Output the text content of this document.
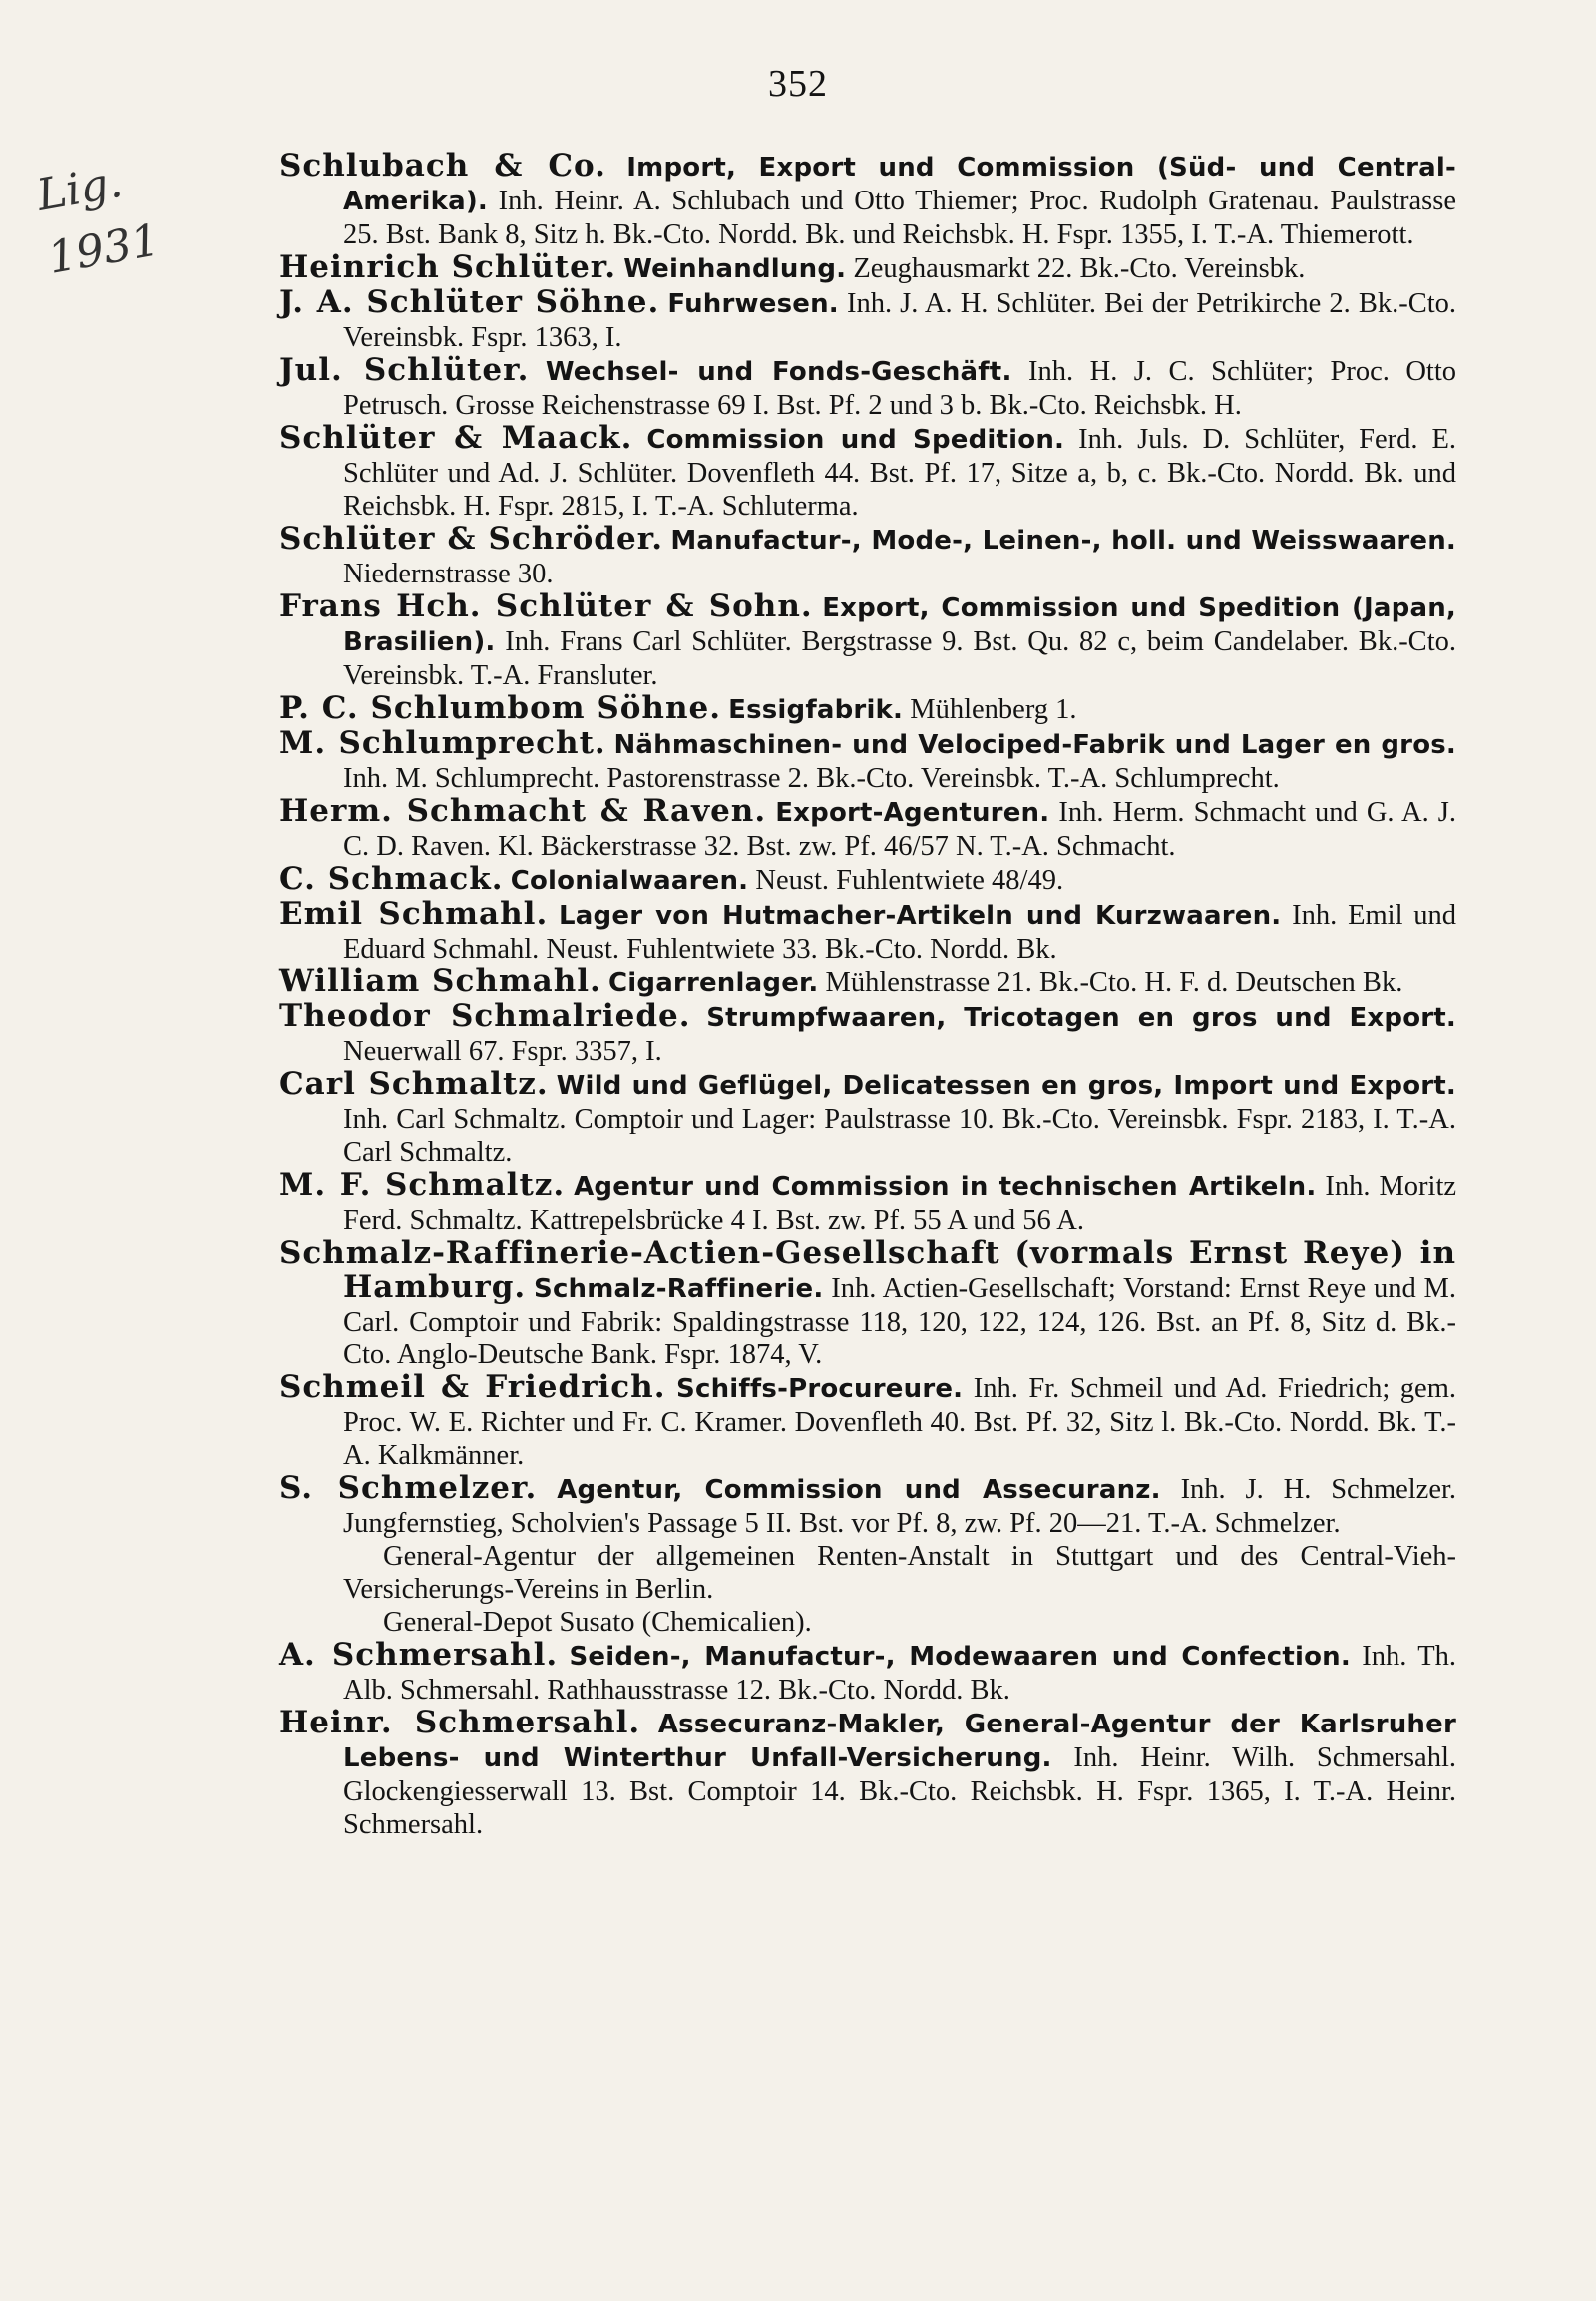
352
Lig.
1931
Schlubach & Co. Import, Export und Commission (Süd- und Central-Amerika). Inh. Heinr. A. Schlubach und Otto Thiemer; Proc. Rudolph Gratenau. Paulstrasse 25. Bst. Bank 8, Sitz h. Bk.-Cto. Nordd. Bk. und Reichsbk. H. Fspr. 1355, I. T.-A. Thiemerott.
Heinrich Schlüter. Weinhandlung. Zeughausmarkt 22. Bk.-Cto. Vereinsbk.
J. A. Schlüter Söhne. Fuhrwesen. Inh. J. A. H. Schlüter. Bei der Petrikirche 2. Bk.-Cto. Vereinsbk. Fspr. 1363, I.
Jul. Schlüter. Wechsel- und Fonds-Geschäft. Inh. H. J. C. Schlüter; Proc. Otto Petrusch. Grosse Reichenstrasse 69 I. Bst. Pf. 2 und 3 b. Bk.-Cto. Reichsbk. H.
Schlüter & Maack. Commission und Spedition. Inh. Juls. D. Schlüter, Ferd. E. Schlüter und Ad. J. Schlüter. Dovenfleth 44. Bst. Pf. 17, Sitze a, b, c. Bk.-Cto. Nordd. Bk. und Reichsbk. H. Fspr. 2815, I. T.-A. Schluterma.
Schlüter & Schröder. Manufactur-, Mode-, Leinen-, holl. und Weisswaaren. Niedernstrasse 30.
Frans Hch. Schlüter & Sohn. Export, Commission und Spedition (Japan, Brasilien). Inh. Frans Carl Schlüter. Bergstrasse 9. Bst. Qu. 82 c, beim Candelaber. Bk.-Cto. Vereinsbk. T.-A. Fransluter.
P. C. Schlumbom Söhne. Essigfabrik. Mühlenberg 1.
M. Schlumprecht. Nähmaschinen- und Velociped-Fabrik und Lager en gros. Inh. M. Schlumprecht. Pastorenstrasse 2. Bk.-Cto. Vereinsbk. T.-A. Schlumprecht.
Herm. Schmacht & Raven. Export-Agenturen. Inh. Herm. Schmacht und G. A. J. C. D. Raven. Kl. Bäckerstrasse 32. Bst. zw. Pf. 46/57 N. T.-A. Schmacht.
C. Schmack. Colonialwaaren. Neust. Fuhlentwiete 48/49.
Emil Schmahl. Lager von Hutmacher-Artikeln und Kurzwaaren. Inh. Emil und Eduard Schmahl. Neust. Fuhlentwiete 33. Bk.-Cto. Nordd. Bk.
William Schmahl. Cigarrenlager. Mühlenstrasse 21. Bk.-Cto. H. F. d. Deutschen Bk.
Theodor Schmalriede. Strumpfwaaren, Tricotagen en gros und Export. Neuerwall 67. Fspr. 3357, I.
Carl Schmaltz. Wild und Geflügel, Delicatessen en gros, Import und Export. Inh. Carl Schmaltz. Comptoir und Lager: Paulstrasse 10. Bk.-Cto. Vereinsbk. Fspr. 2183, I. T.-A. Carl Schmaltz.
M. F. Schmaltz. Agentur und Commission in technischen Artikeln. Inh. Moritz Ferd. Schmaltz. Kattrepelsbrücke 4 I. Bst. zw. Pf. 55 A und 56 A.
Schmalz-Raffinerie-Actien-Gesellschaft (vormals Ernst Reye) in Hamburg. Schmalz-Raffinerie. Inh. Actien-Gesellschaft; Vorstand: Ernst Reye und M. Carl. Comptoir und Fabrik: Spaldingstrasse 118, 120, 122, 124, 126. Bst. an Pf. 8, Sitz d. Bk.-Cto. Anglo-Deutsche Bank. Fspr. 1874, V.
Schmeil & Friedrich. Schiffs-Procureure. Inh. Fr. Schmeil und Ad. Friedrich; gem. Proc. W. E. Richter und Fr. C. Kramer. Dovenfleth 40. Bst. Pf. 32, Sitz l. Bk.-Cto. Nordd. Bk. T.-A. Kalkmänner.
S. Schmelzer. Agentur, Commission und Assecuranz. Inh. J. H. Schmelzer. Jungfernstieg, Scholvien's Passage 5 II. Bst. vor Pf. 8, zw. Pf. 20—21. T.-A. Schmelzer.
General-Agentur der allgemeinen Renten-Anstalt in Stuttgart und des Central-Vieh-Versicherungs-Vereins in Berlin.
General-Depot Susato (Chemicalien).
A. Schmersahl. Seiden-, Manufactur-, Modewaaren und Confection. Inh. Th. Alb. Schmersahl. Rathhausstrasse 12. Bk.-Cto. Nordd. Bk.
Heinr. Schmersahl. Assecuranz-Makler, General-Agentur der Karlsruher Lebens- und Winterthur Unfall-Versicherung. Inh. Heinr. Wilh. Schmersahl. Glockengiesserwall 13. Bst. Comptoir 14. Bk.-Cto. Reichsbk. H. Fspr. 1365, I. T.-A. Heinr. Schmersahl.
